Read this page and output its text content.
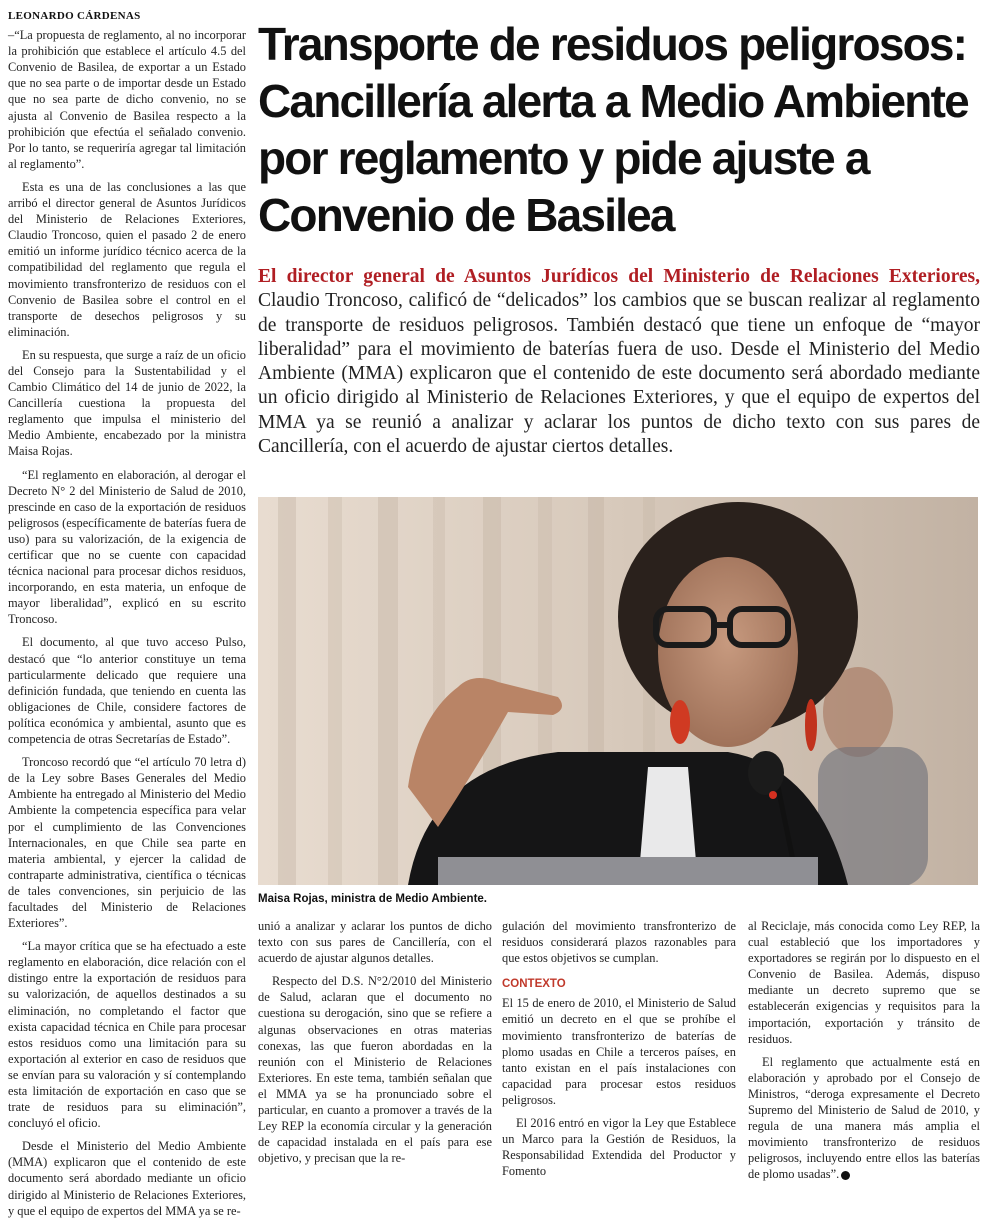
LEONARDO CÁRDENAS

–“La propuesta de reglamento, al no incorporar la prohibición que establece el artículo 4.5 del Convenio de Basilea, de exportar a un Estado que no sea parte o de importar desde un Estado que no sea parte de dicho convenio, no se ajusta al Convenio de Basilea respecto a la prohibición que efectúa el señalado convenio. Por lo tanto, se requeriría agregar tal limitación al reglamento”.

Esta es una de las conclusiones a las que arribó el director general de Asuntos Jurídicos del Ministerio de Relaciones Exteriores, Claudio Troncoso, quien el pasado 2 de enero emitió un informe jurídico técnico acerca de la compatibilidad del reglamento que regula el movimiento transfronterizo de residuos con el Convenio de Basilea sobre el control en el transporte de desechos peligrosos y su eliminación.

En su respuesta, que surge a raíz de un oficio del Consejo para la Sustentabilidad y el Cambio Climático del 14 de junio de 2022, la Cancillería cuestiona la propuesta del reglamento que impulsa el ministerio del Medio Ambiente, encabezado por la ministra Maisa Rojas.

“El reglamento en elaboración, al derogar el Decreto N° 2 del Ministerio de Salud de 2010, prescinde en caso de la exportación de residuos peligrosos (específicamente de baterías fuera de uso) para su valorización, de la exigencia de certificar que no se cuente con capacidad técnica nacional para procesar dichos residuos, incorporando, en esta materia, un enfoque de mayor liberalidad”, explicó en su escrito Troncoso.

El documento, al que tuvo acceso Pulso, destacó que “lo anterior constituye un tema particularmente delicado que requiere una definición fundada, que teniendo en cuenta las obligaciones de Chile, considere factores de política económica y ambiental, asunto que es competencia de otras Secretarías de Estado”.

Troncoso recordó que “el artículo 70 letra d) de la Ley sobre Bases Generales del Medio Ambiente ha entregado al Ministerio del Medio Ambiente la competencia específica para velar por el cumplimiento de las Convenciones Internacionales, en que Chile sea parte en materia ambiental, y ejercer la calidad de contraparte administrativa, científica o técnicas de tales convenciones, sin perjuicio de las facultades del Ministerio de Relaciones Exteriores”.

“La mayor crítica que se ha efectuado a este reglamento en elaboración, dice relación con el distingo entre la exportación de residuos para su valorización, de aquellos destinados a su eliminación, no completando el factor que exista capacidad técnica en Chile para procesar estos residuos como una limitación para su exportación al exterior en caso de residuos que se envían para su valoración y sí contemplando esta limitación de exportación en caso que se trate de residuos para su eliminación”, concluyó el oficio.

Desde el Ministerio del Medio Ambiente (MMA) explicaron que el contenido de este documento será abordado mediante un oficio dirigido al Ministerio de Relaciones Exteriores, y que el equipo de expertos del MMA ya se re-

Transporte de residuos peligrosos: Cancillería alerta a Medio Ambiente por reglamento y pide ajuste a Convenio de Basilea

El director general de Asuntos Jurídicos del Ministerio de Relaciones Exteriores, Claudio Troncoso, calificó de “delicados” los cambios que se buscan realizar al reglamento de transporte de residuos peligrosos. También destacó que tiene un enfoque de “mayor liberalidad” para el movimiento de baterías fuera de uso. Desde el Ministerio del Medio Ambiente (MMA) explicaron que el contenido de este documento será abordado mediante un oficio dirigido al Ministerio de Relaciones Exteriores, y que el equipo de expertos del MMA ya se reunió a analizar y aclarar los puntos de dicho texto con sus pares de Cancillería, con el acuerdo de ajustar ciertos detalles.

Maisa Rojas, ministra de Medio Ambiente.

unió a analizar y aclarar los puntos de dicho texto con sus pares de Cancillería, con el acuerdo de ajustar algunos detalles.

Respecto del D.S. N°2/2010 del Ministerio de Salud, aclaran que el documento no cuestiona su derogación, sino que se refiere a algunas observaciones en otras materias conexas, las que fueron abordadas en la reunión con el Ministerio de Relaciones Exteriores. En este tema, también señalan que el MMA ya se ha pronunciado sobre el particular, en cuanto a promover a través de la Ley REP la economía circular y la generación de capacidad instalada en el país para ese objetivo, y precisan que la re-

gulación del movimiento transfronterizo de residuos considerará plazos razonables para que estos objetivos se cumplan.

CONTEXTO

El 15 de enero de 2010, el Ministerio de Salud emitió un decreto en el que se prohíbe el movimiento transfronterizo de baterías de plomo usadas en Chile a terceros países, en tanto existan en el país instalaciones con capacidad para procesar estos residuos peligrosos.

El 2016 entró en vigor la Ley que Establece un Marco para la Gestión de Residuos, la Responsabilidad Extendida del Productor y Fomento

al Reciclaje, más conocida como Ley REP, la cual estableció que los importadores y exportadores se regirán por lo dispuesto en el Convenio de Basilea. Además, dispuso mediante un decreto supremo que se establecerán exigencias y requisitos para la importación, exportación y tránsito de residuos.

El reglamento que actualmente está en elaboración y aprobado por el Consejo de Ministros, “deroga expresamente el Decreto Supremo del Ministerio de Salud de 2010, y regula de una manera más amplia el movimiento transfronterizo de residuos peligrosos, incluyendo entre ellos las baterías de plomo usadas”.
